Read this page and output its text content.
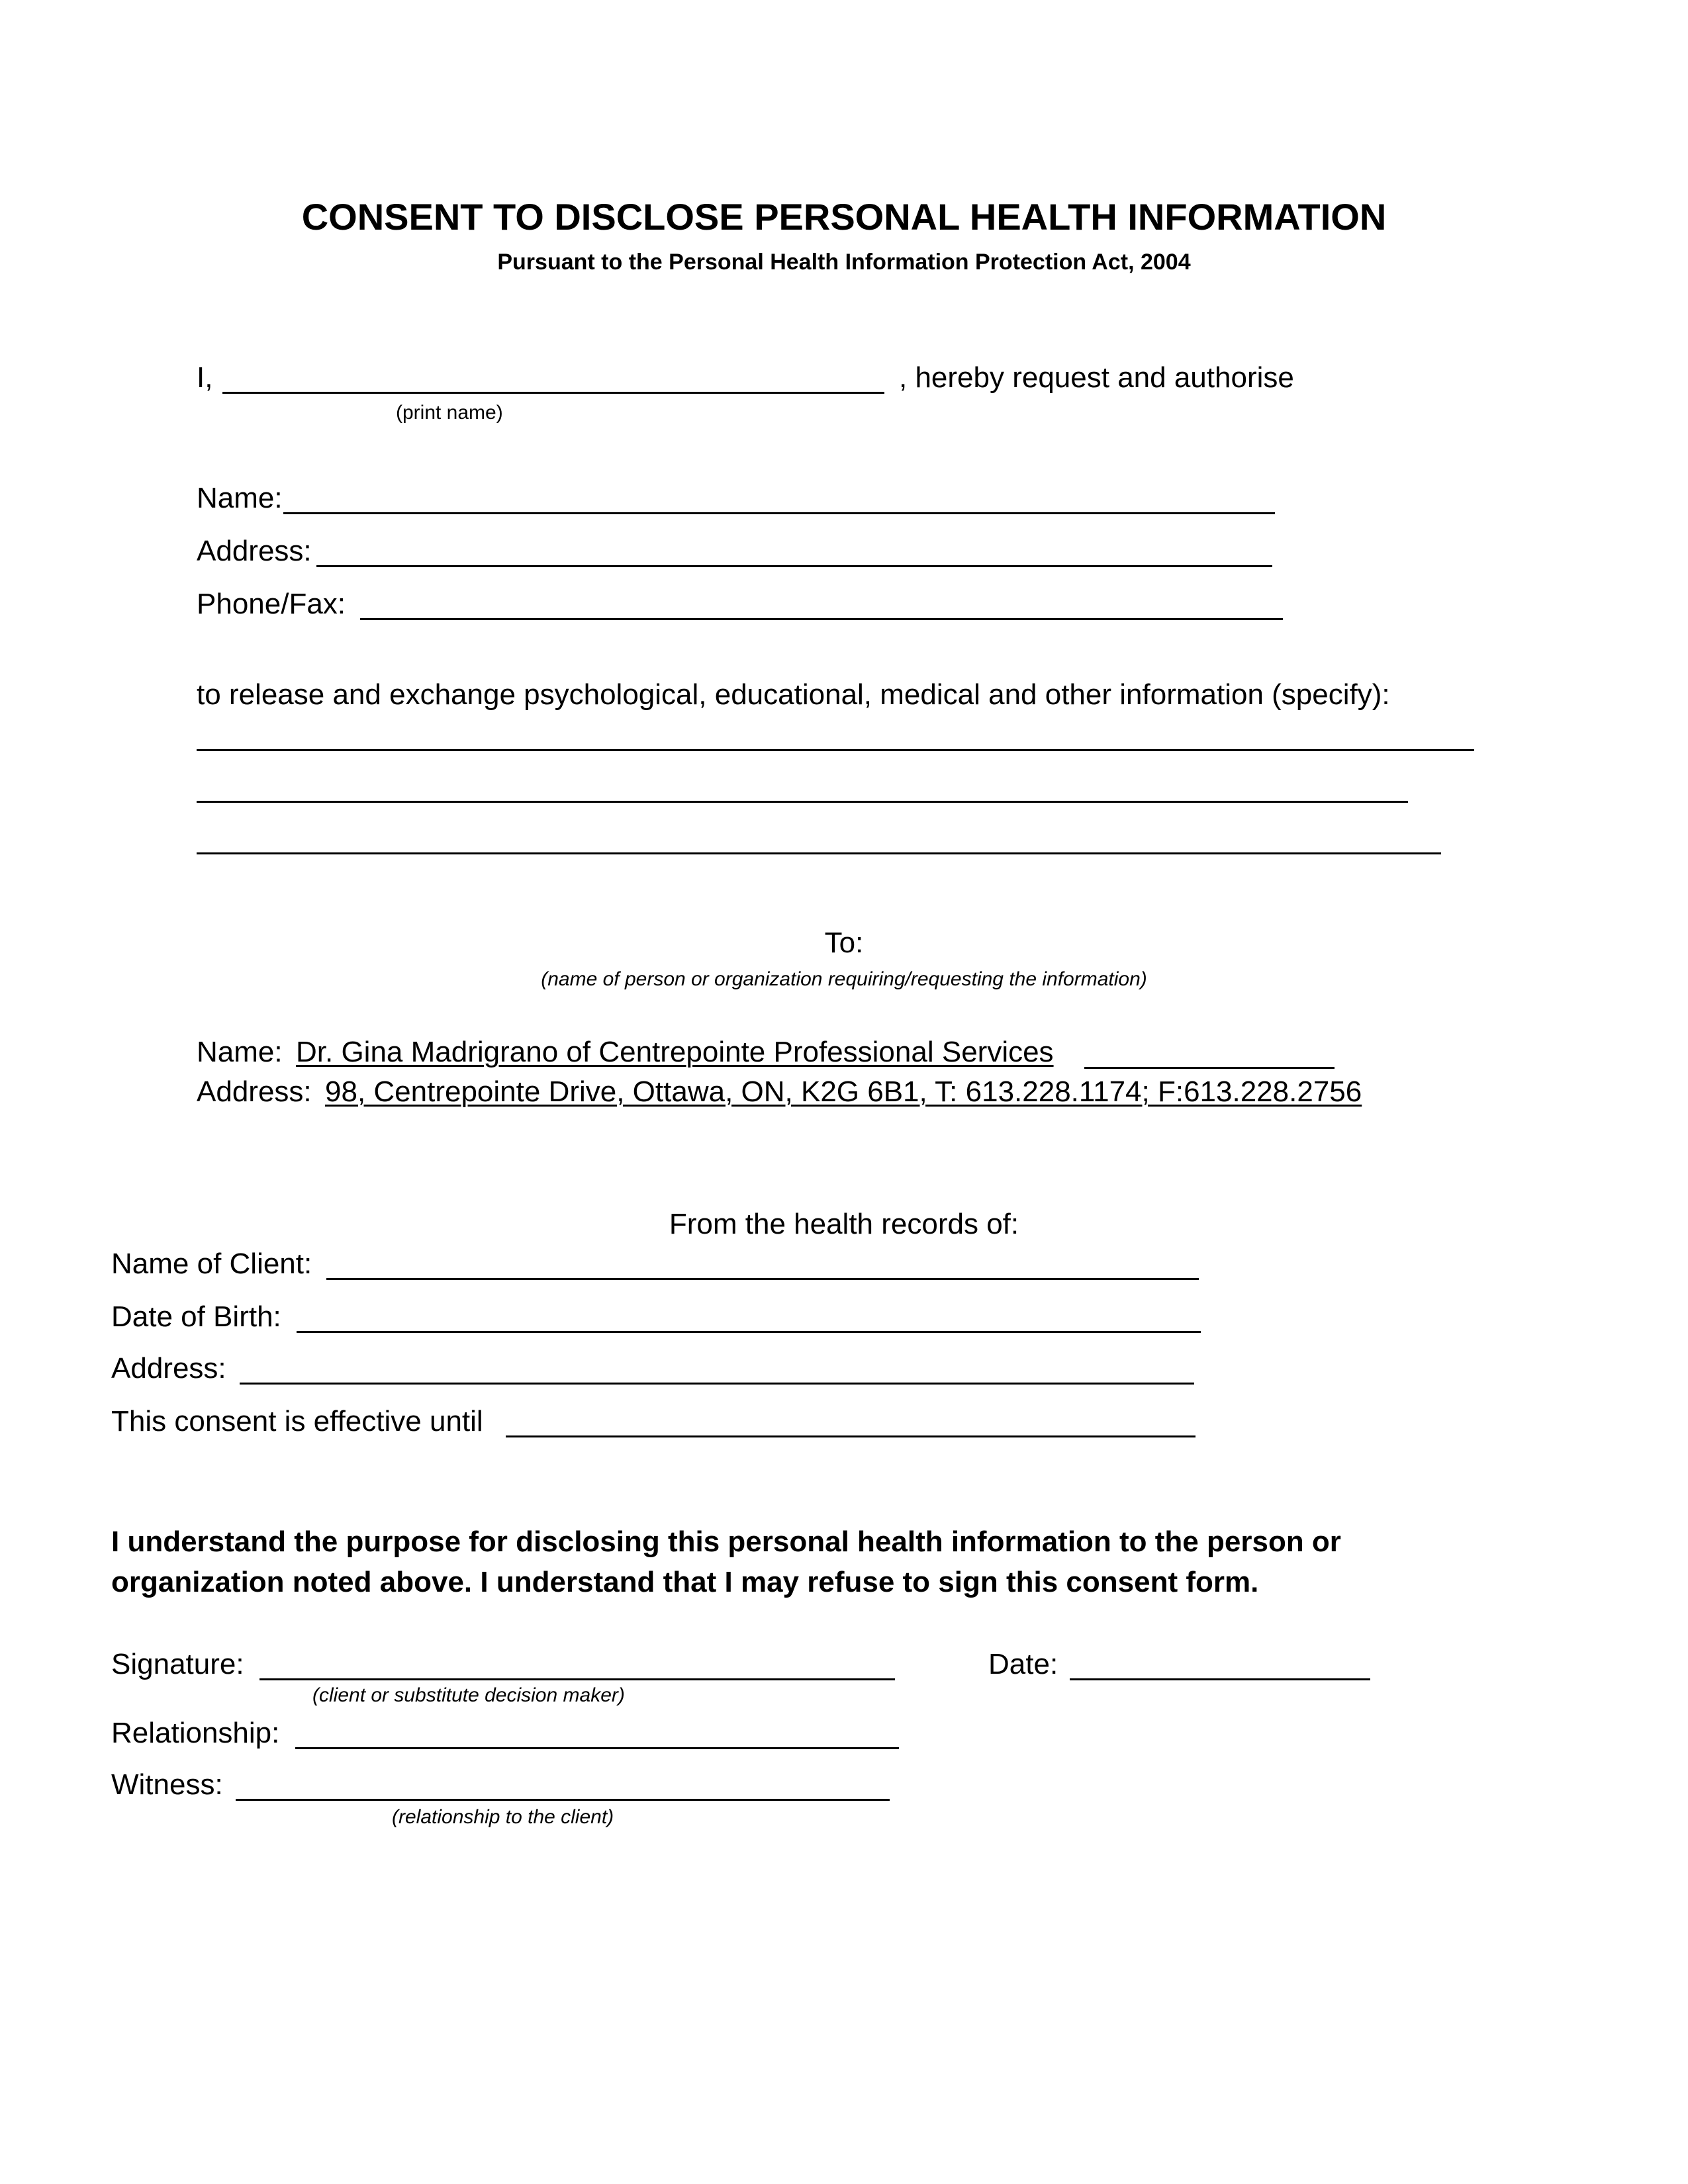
CONSENT TO DISCLOSE PERSONAL HEALTH INFORMATION
Pursuant to the Personal Health Information Protection Act, 2004
I,	, hereby request and authorise
(print name)
Name:
Address:
Phone/Fax:
to release and exchange psychological, educational, medical and other information (specify):
To:
(name of person or organization requiring/requesting the information)
Name: Dr. Gina Madrigrano of Centrepointe Professional Services
Address: 98, Centrepointe Drive, Ottawa, ON, K2G 6B1, T: 613.228.1174; F:613.228.2756
From the health records of:
Name of Client:
Date of Birth:
Address:
This consent is effective until
I understand the purpose for disclosing this personal health information to the person or
organization noted above. I understand that I may refuse to sign this consent form.
Signature:	Date:
(client or substitute decision maker)
Relationship:
Witness:
(relationship to the client)
